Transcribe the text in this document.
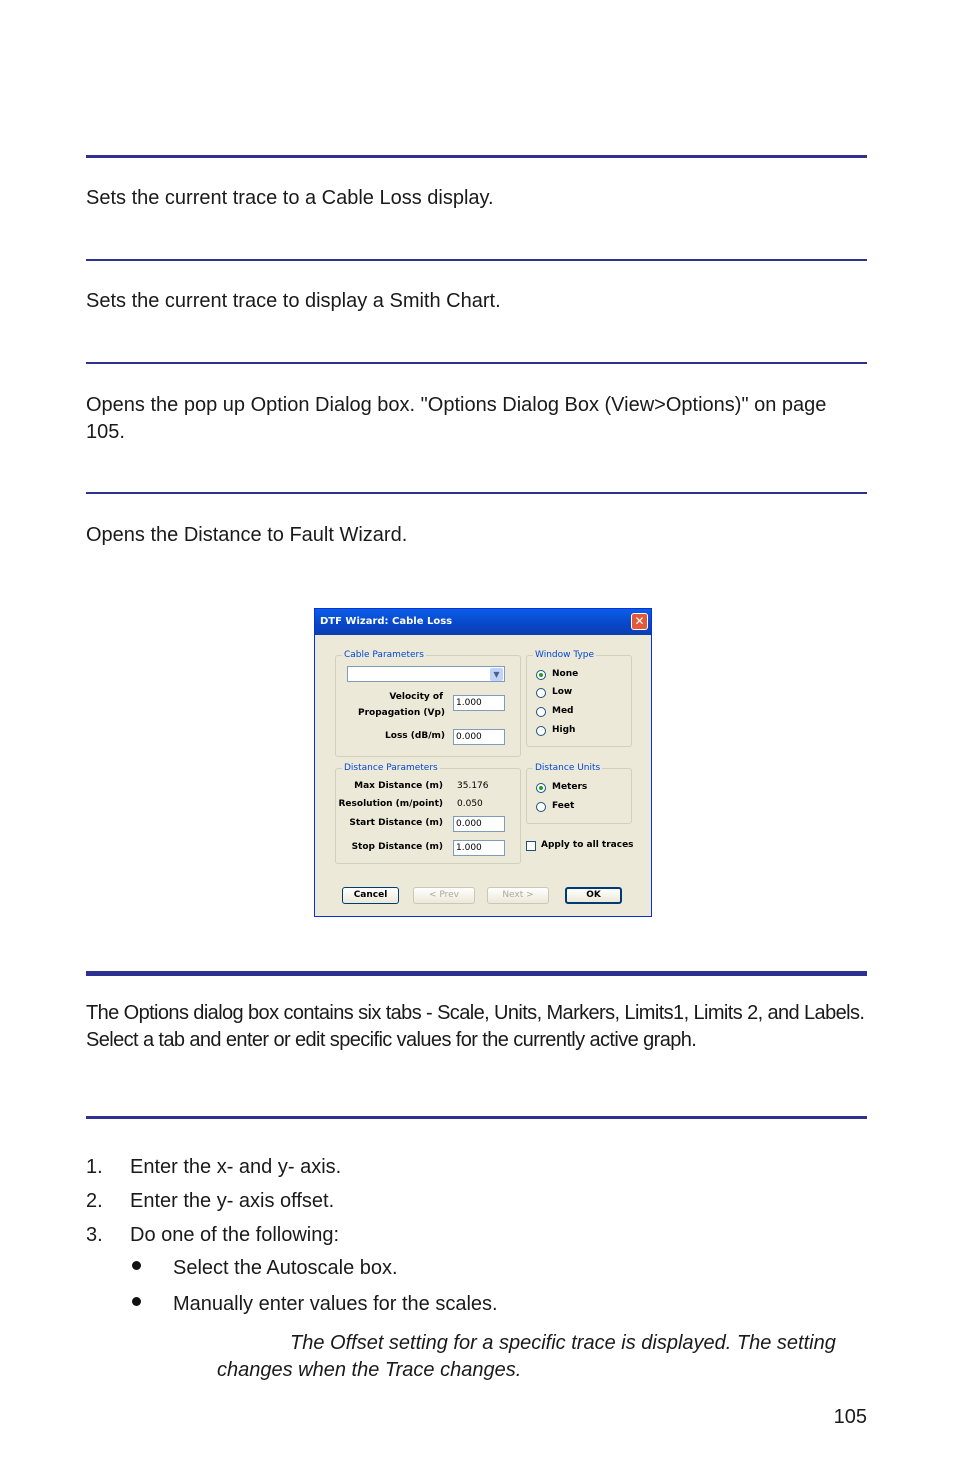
Sets the current trace to a Cable Loss display.

Sets the current trace to display a Smith Chart.

Opens the pop up Option Dialog box. "Options Dialog Box (View>Options)" on page 105.

Opens the Distance to Fault Wizard.

DTF Wizard: Cable Loss	✕
Cable Parameters
▼
Velocity of
Propagation (Vp)
1.000
Loss (dB/m)	0.000
Window Type
None
Low
Med
High
Distance Parameters
Max Distance (m) 35.176
Resolution (m/point) 0.050
Start Distance (m)	0.000
Stop Distance (m)	1.000
Distance Units
Meters
Feet
Apply to all traces
Cancel	< Prev	Next >	OK

The Options dialog box contains six tabs - Scale, Units, Markers, Limits1, Limits 2, and Labels. Select a tab and enter or edit specific values for the currently active graph.

1. Enter the x- and y- axis.
2. Enter the y- axis offset.
3. Do one of the following:
Select the Autoscale box.
Manually enter values for the scales.
The Offset setting for a specific trace is displayed. The setting
changes when the Trace changes.
105
